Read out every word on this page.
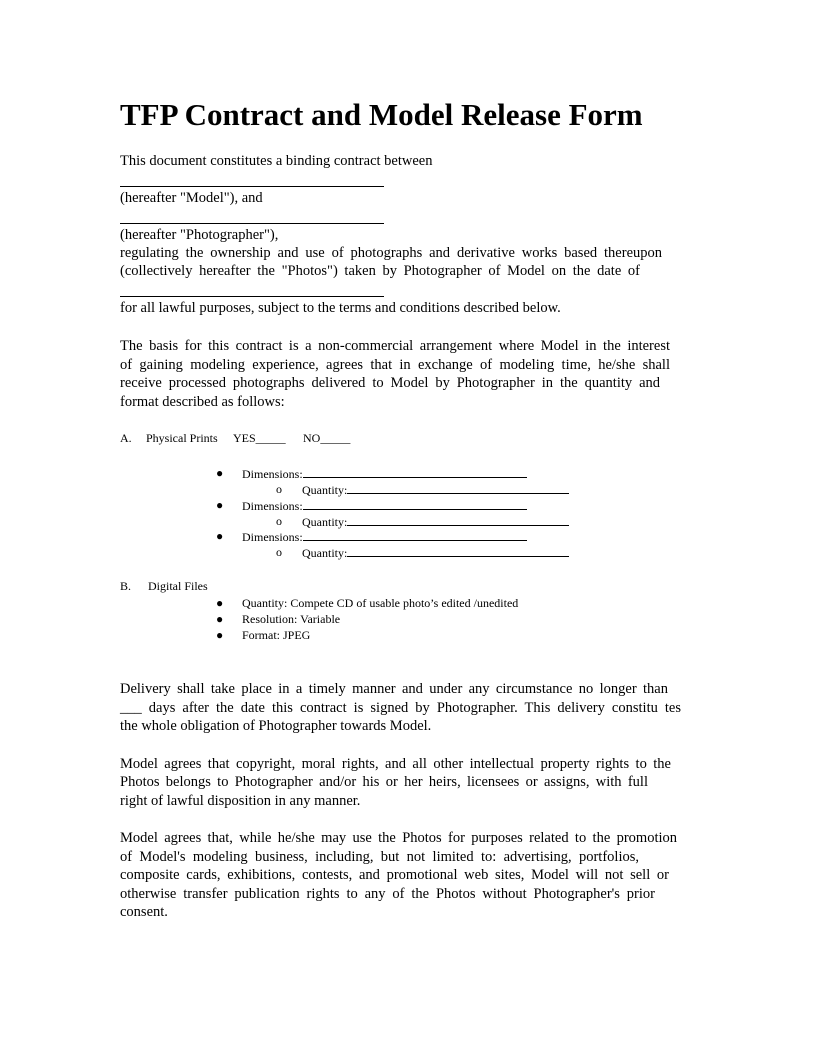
TFP Contract and Model Release Form
This document constitutes a binding contract between
(hereafter "Model"), and
(hereafter "Photographer"),
regulating the ownership and use of photographs and derivative works based thereupon
(collectively hereafter the "Photos") taken by Photographer of Model on the date of
for all lawful purposes, subject to the terms and conditions described below.
The basis for this contract is a non-commercial arrangement where Model in the interest
of gaining modeling experience, agrees that in exchange of modeling time, he/she shall
receive processed photographs delivered to Model by Photographer in the quantity and
format described as follows:
A. Physical Prints YES_____ NO_____
● Dimensions:
o Quantity:
● Dimensions:
o Quantity:
● Dimensions:
o Quantity:
B. Digital Files
● Quantity: Compete CD of usable photo’s edited /unedited
● Resolution: Variable
● Format: JPEG
Delivery shall take place in a timely manner and under any circumstance no longer than
___ days after the date this contract is signed by Photographer. This delivery constitu tes
the whole obligation of Photographer towards Model.
Model agrees that copyright, moral rights, and all other intellectual property rights to the
Photos belongs to Photographer and/or his or her heirs, licensees or assigns, with full
right of lawful disposition in any manner.
Model agrees that, while he/she may use the Photos for purposes related to the promotion
of Model's modeling business, including, but not limited to: advertising, portfolios,
composite cards, exhibitions, contests, and promotional web sites, Model will not sell or
otherwise transfer publication rights to any of the Photos without Photographer's prior
consent.
